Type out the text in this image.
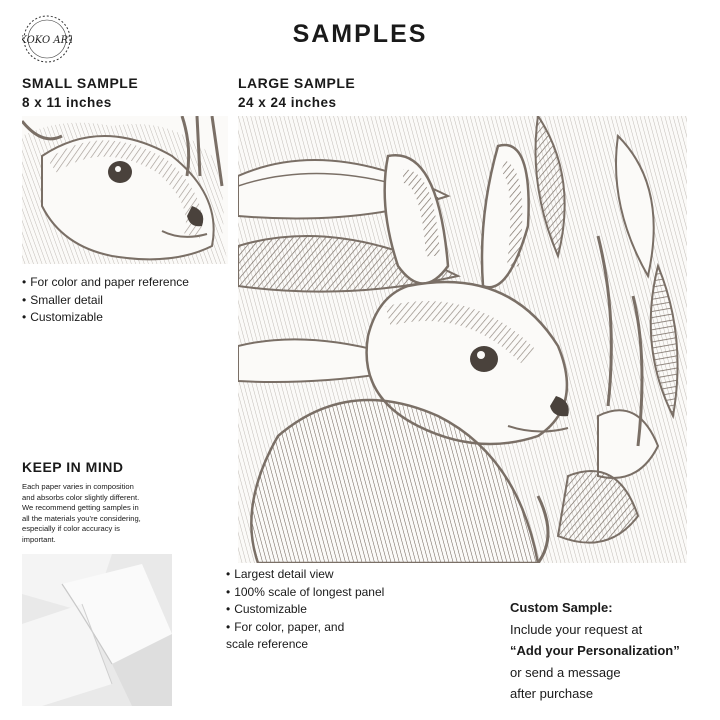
KOKO ART	SAMPLES
SMALL SAMPLE
8 x 11 inches
LARGE SAMPLE
24 x 24 inches
• For color and paper reference
• Smaller detail
• Customizable
• Largest detail view
• 100% scale of longest panel
• Customizable
• For color, paper, and
scale reference
KEEP IN MIND
Each paper varies in composition
and absorbs color slightly different.
We recommend getting samples in
all the materials you're considering,
especially if color accuracy is
important.
Custom Sample:
Include your request at
“Add your Personalization”
or send a message
after purchase
